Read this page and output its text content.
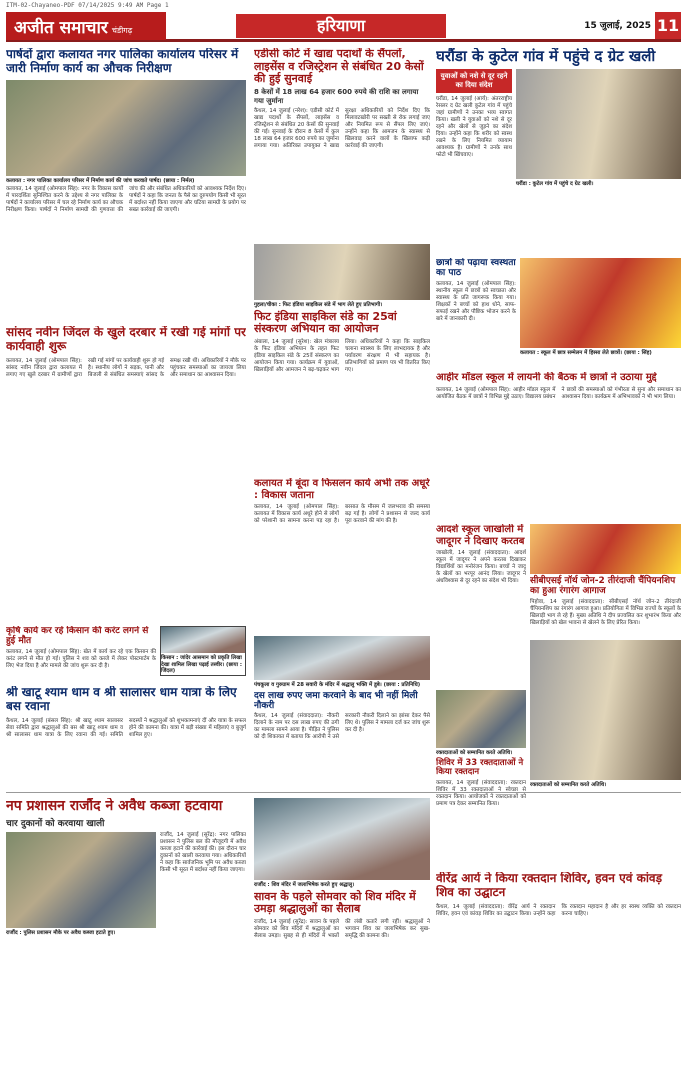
ITM-02-Chayaneo-PDF 07/14/2025 9:49 AM Page 1
अजीत समाचार चंडीगढ़	हरियाणा	15 जुलाई, 2025 11
पार्षदों द्वारा कलायत नगर पालिका कार्यालय परिसर में जारी निर्माण कार्य का औचक निरीक्षण
कलायत : नगर पालिका कार्यालय परिसर में निर्माण कार्य की जांच करवाते पार्षद। (छाया : निर्मल)
कलायत, 14 जुलाई (ओमपाल सिंह): नगर के विकास कार्यों में पारदर्शिता सुनिश्चित करने के उद्देश्य से नगर पालिका के पार्षदों ने कार्यालय परिसर में चल रहे निर्माण कार्य का औचक निरीक्षण किया। पार्षदों ने निर्माण सामग्री की गुणवत्ता की जांच की और संबंधित अधिकारियों को आवश्यक निर्देश दिए। पार्षदों ने कहा कि जनता के पैसे का दुरुपयोग किसी भी सूरत में बर्दाश्त नहीं किया जाएगा और घटिया सामग्री के प्रयोग पर सख्त कार्रवाई की जाएगी।
सांसद नवीन जिंदल के खुले दरबार में रखी गई मांगों पर कार्यवाही शुरू
कलायत, 14 जुलाई (ओमपाल सिंह): सांसद नवीन जिंदल द्वारा कलायत में लगाए गए खुले दरबार में ग्रामीणों द्वारा रखी गई मांगों पर कार्यवाही शुरू हो गई है। स्थानीय लोगों ने सड़क, पानी और बिजली से संबंधित समस्याएं सांसद के समक्ष रखी थीं। अधिकारियों ने मौके पर पहुंचकर समस्याओं का जायजा लिया और समाधान का आश्वासन दिया।
कृषि कार्य कर रहे किसान की करंट लगने से हुई मौत
कलायत, 14 जुलाई (ओमपाल सिंह): खेत में कार्य कर रहे एक किसान की करंट लगने से मौत हो गई। पुलिस ने शव को कब्जे में लेकर पोस्टमार्टम के लिए भेज दिया है और मामले की जांच शुरू कर दी है।
किसान : जांदेर आसमान को प्रकृति लिखा देखा शामिल लिखा पढ़ाई तस्वीर। (छाया : जिंदल)
श्री खाटू श्याम धाम व श्री सालासर धाम यात्रा के लिए बस रवाना
कैथल, 14 जुलाई (बंसल सिंह): श्री खाटू श्याम सालासर सेवा समिति द्वारा श्रद्धालुओं की बस श्री खाटू श्याम धाम व श्री सालासर धाम यात्रा के लिए रवाना की गई। समिति सदस्यों ने श्रद्धालुओं को शुभकामनाएं दीं और यात्रा के सफल होने की कामना की। यात्रा में बड़ी संख्या में महिलाएं व बुजुर्ग शामिल हुए।
एडीसी कोर्ट में खाद्य पदार्थों के सैंपलों, लाइसेंस व रजिस्ट्रेशन से संबंधित 20 केसों की हुई सुनवाई
8 केसों में 18 लाख 64 हजार 600 रुपये की राशि का लगाया गया जुर्माना
कैथल, 14 जुलाई (नरेश): एडीसी कोर्ट में खाद्य पदार्थों के सैंपलों, लाइसेंस व रजिस्ट्रेशन से संबंधित 20 केसों की सुनवाई की गई। सुनवाई के दौरान 8 केसों में कुल 18 लाख 64 हजार 600 रुपये का जुर्माना लगाया गया। अतिरिक्त उपायुक्त ने खाद्य सुरक्षा अधिकारियों को निर्देश दिए कि मिलावटखोरी पर सख्ती से रोक लगाई जाए और नियमित रूप से सैंपल लिए जाएं। उन्होंने कहा कि आमजन के स्वास्थ्य से खिलवाड़ करने वालों के खिलाफ कड़ी कार्रवाई की जाएगी।
गुहला/चीका : फिट इंडिया साइकिल संडे में भाग लेते हुए प्रतिभागी।
फिट इंडिया साइकिल संडे का 25वां संस्करण अभियान का आयोजन
अंबाला, 14 जुलाई (सुरेश): खेल मंत्रालय के फिट इंडिया अभियान के तहत फिट इंडिया साइकिल संडे के 25वें संस्करण का आयोजन किया गया। कार्यक्रम में युवाओं, खिलाड़ियों और आमजन ने बढ़-चढ़कर भाग लिया। अधिकारियों ने कहा कि साइकिल चलाना स्वास्थ्य के लिए लाभदायक है और पर्यावरण संरक्षण में भी सहायक है। प्रतिभागियों को प्रमाण पत्र भी वितरित किए गए।
कलायत में बूंदा व फिसलन कार्य अभी तक अधूरे : विकास जताना
कलायत, 14 जुलाई (ओमपाल सिंह): कलायत में विकास कार्य अधूरे होने से लोगों को परेशानी का सामना करना पड़ रहा है। बरसात के मौसम में जलभराव की समस्या बढ़ गई है। लोगों ने प्रशासन से जल्द कार्य पूरा करवाने की मांग की है।
पंचकूला व गुरुग्राम में 28 सवारी के मंदिर में श्रद्धालु भक्ति में डूबे। (छाया : प्रतिनिधि)
दस लाख रुपए जमा करवाने के बाद भी नहीं मिली नौकरी
कैथल, 14 जुलाई (संवाददाता): नौकरी दिलाने के नाम पर दस लाख रुपए की ठगी का मामला सामने आया है। पीड़ित ने पुलिस को दी शिकायत में बताया कि आरोपी ने उसे सरकारी नौकरी दिलाने का झांसा देकर पैसे लिए थे। पुलिस ने मामला दर्ज कर जांच शुरू कर दी है।
घरौंडा के कुटेल गांव में पहुंचे द ग्रेट खली
युवाओं को नशे से दूर रहने का दिया संदेश
घरौंडा, 14 जुलाई (आर्य): अंतरराष्ट्रीय रेसलर द ग्रेट खली कुटेल गांव में पहुंचे जहां ग्रामीणों ने उनका भव्य स्वागत किया। खली ने युवाओं को नशे से दूर रहने और खेलों से जुड़ने का संदेश दिया। उन्होंने कहा कि शरीर को स्वस्थ रखने के लिए नियमित व्यायाम आवश्यक है। ग्रामीणों ने उनके साथ फोटो भी खिंचवाए।
घरौंडा : कुटेल गांव में पहुंचे द ग्रेट खली।
छात्रों को पढ़ाया स्वस्थता का पाठ
कलायत, 14 जुलाई (ओमपाल सिंह): स्थानीय स्कूल में छात्रों को स्वच्छता और स्वास्थ्य के प्रति जागरूक किया गया। शिक्षकों ने बच्चों को हाथ धोने, साफ-सफाई रखने और पौष्टिक भोजन करने के बारे में जानकारी दी।
कलायत : स्कूल में छात्र सम्मेलन में हिस्सा लेते छात्रों। (छाया : सिंह)
आहीर मॉडल स्कूल में लायनी की बैठक में छात्रों ने उठाया मुद्दे
कलायत, 14 जुलाई (ओमपाल सिंह): आहीर मॉडल स्कूल में आयोजित बैठक में छात्रों ने विभिन्न मुद्दे उठाए। विद्यालय प्रबंधन ने छात्रों की समस्याओं को गंभीरता से सुना और समाधान का आश्वासन दिया। कार्यक्रम में अभिभावकों ने भी भाग लिया।
आदर्श स्कूल जाखोली में जादूगर ने दिखाए करतब
जाखोली, 14 जुलाई (संवाददाता): आदर्श स्कूल में जादूगर ने अपने करतब दिखाकर विद्यार्थियों का मनोरंजन किया। बच्चों ने जादू के खेलों का भरपूर आनंद लिया। जादूगर ने अंधविश्वास से दूर रहने का संदेश भी दिया।	सीबीएसई नॉर्थ जोन-2 तीरंदाजी चैंपियनशिप का हुआ रंगारंग आगाज
पिहोवा, 14 जुलाई (संवाददाता): सीबीएसई नॉर्थ जोन-2 तीरंदाजी चैंपियनशिप का रंगारंग आगाज हुआ। प्रतियोगिता में विभिन्न राज्यों के स्कूलों के खिलाड़ी भाग ले रहे हैं। मुख्य अतिथि ने दीप प्रज्वलित कर शुभारंभ किया और खिलाड़ियों को खेल भावना से खेलने के लिए प्रेरित किया।
नप प्रशासन राजौंद ने अवैध कब्जा हटवाया
चार दुकानों को करवाया खाली
राजौंद : पुलिस प्रशासन मौके पर अवैध कब्जा हटाते हुए।
राजौंद, 14 जुलाई (सुरेंद्र): नगर पालिका प्रशासन ने पुलिस बल की मौजूदगी में अवैध कब्जा हटाने की कार्रवाई की। इस दौरान चार दुकानों को खाली करवाया गया। अधिकारियों ने कहा कि सार्वजनिक भूमि पर अवैध कब्जा किसी भी सूरत में बर्दाश्त नहीं किया जाएगा।
राजौंद : शिव मंदिर में जलाभिषेक करते हुए श्रद्धालु।
सावन के पहले सोमवार को शिव मंदिर में उमड़ा श्रद्धालुओं का सैलाब
राजौंद, 14 जुलाई (सुरेंद्र): सावन के पहले सोमवार को शिव मंदिरों में श्रद्धालुओं का सैलाब उमड़ा। सुबह से ही मंदिरों में भक्तों की लंबी कतारें लगी रहीं। श्रद्धालुओं ने भगवान शिव का जलाभिषेक कर सुख-समृद्धि की कामना की।
रक्तदाताओं को सम्मानित करते अतिथि।
शिविर में 33 रक्तदाताओं ने किया रक्तदान
कलायत, 14 जुलाई (संवाददाता): रक्तदान शिविर में 33 रक्तदाताओं ने स्वेच्छा से रक्तदान किया। आयोजकों ने रक्तदाताओं को प्रमाण पत्र देकर सम्मानित किया।
रक्तदाताओं को सम्मानित करते अतिथि।
वीरेंद्र आर्य ने किया रक्तदान शिविर, हवन एवं कांवड़ शिव का उद्घाटन
कैथल, 14 जुलाई (संवाददाता): वीरेंद्र आर्य ने रक्तदान शिविर, हवन एवं कांवड़ शिविर का उद्घाटन किया। उन्होंने कहा कि रक्तदान महादान है और हर स्वस्थ व्यक्ति को रक्तदान करना चाहिए।
